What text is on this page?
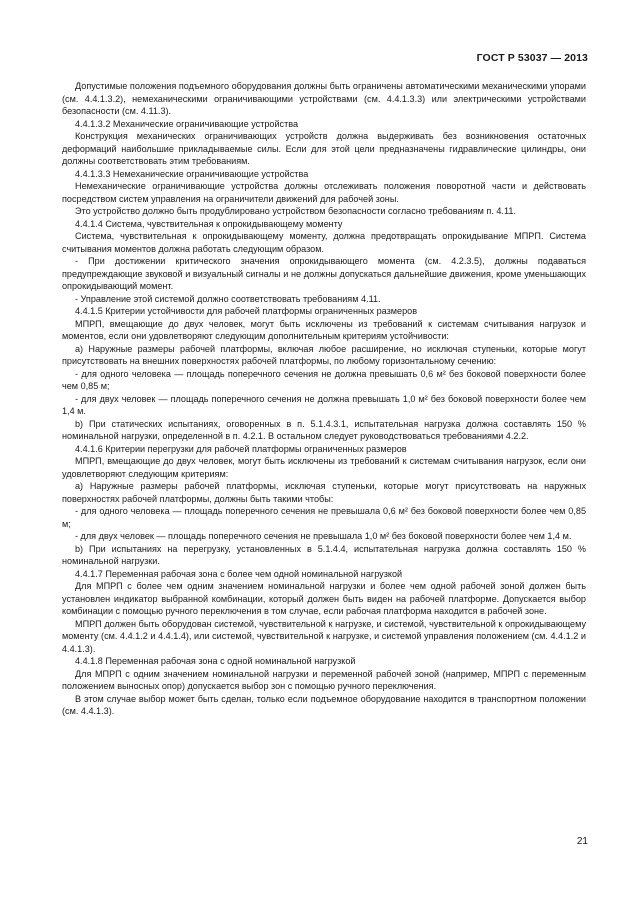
ГОСТ Р 53037 — 2013

Допустимые положения подъемного оборудования должны быть ограничены автоматическими механическими упорами (см. 4.4.1.3.2), немеханическими ограничивающими устройствами (см. 4.4.1.3.3) или электрическими устройствами безопасности (см. 4.11.3).

4.4.1.3.2 Механические ограничивающие устройства

Конструкция механических ограничивающих устройств должна выдерживать без возникновения остаточных деформаций наибольшие прикладываемые силы. Если для этой цели предназначены гидравлические цилиндры, они должны соответствовать этим требованиям.

4.4.1.3.3 Немеханические ограничивающие устройства

Немеханические ограничивающие устройства должны отслеживать положения поворотной части и действовать посредством систем управления на ограничители движений для рабочей зоны.

Это устройство должно быть продублировано устройством безопасности согласно требованиям п. 4.11.

4.4.1.4 Система, чувствительная к опрокидывающему моменту

Система, чувствительная к опрокидывающему моменту, должна предотвращать опрокидывание МПРП. Система считывания моментов должна работать следующим образом.

- При достижении критического значения опрокидывающего момента (см. 4.2.3.5), должны подаваться предупреждающие звуковой и визуальный сигналы и не должны допускаться дальнейшие движения, кроме уменьшающих опрокидывающий момент.

- Управление этой системой должно соответствовать требованиям 4.11.

4.4.1.5 Критерии устойчивости для рабочей платформы ограниченных размеров

МПРП, вмещающие до двух человек, могут быть исключены из требований к системам считывания нагрузок и моментов, если они удовлетворяют следующим дополнительным критериям устойчивости:

а) Наружные размеры рабочей платформы, включая любое расширение, но исключая ступеньки, которые могут присутствовать на внешних поверхностях рабочей платформы, по любому горизонтальному сечению:

- для одного человека — площадь поперечного сечения не должна превышать 0,6 м² без боковой поверхности более чем 0,85 м;

- для двух человек — площадь поперечного сечения не должна превышать 1,0 м² без боковой поверхности более чем 1,4 м.

b) При статических испытаниях, оговоренных в п. 5.1.4.3.1, испытательная нагрузка должна составлять 150 % номинальной нагрузки, определенной в п. 4.2.1. В остальном следует руководствоваться требованиями 4.2.2.

4.4.1.6 Критерии перегрузки для рабочей платформы ограниченных размеров

МПРП, вмещающие до двух человек, могут быть исключены из требований к системам считывания нагрузок, если они удовлетворяют следующим критериям:

а) Наружные размеры рабочей платформы, исключая ступеньки, которые могут присутствовать на наружных поверхностях рабочей платформы, должны быть такими чтобы:

- для одного человека — площадь поперечного сечения не превышала 0,6 м² без боковой поверхности более чем 0,85 м;

- для двух человек — площадь поперечного сечения не превышала 1,0 м² без боковой поверхности более чем 1,4 м.

b) При испытаниях на перегрузку, установленных в 5.1.4.4, испытательная нагрузка должна составлять 150 % номинальной нагрузки.

4.4.1.7 Переменная рабочая зона с более чем одной номинальной нагрузкой

Для МПРП с более чем одним значением номинальной нагрузки и более чем одной рабочей зоной должен быть установлен индикатор выбранной комбинации, который должен быть виден на рабочей платформе. Допускается выбор комбинации с помощью ручного переключения в том случае, если рабочая платформа находится в рабочей зоне.

МПРП должен быть оборудован системой, чувствительной к нагрузке, и системой, чувствительной к опрокидывающему моменту (см. 4.4.1.2 и 4.4.1.4), или системой, чувствительной к нагрузке, и системой управления положением (см. 4.4.1.2 и 4.4.1.3).

4.4.1.8 Переменная рабочая зона с одной номинальной нагрузкой

Для МПРП с одним значением номинальной нагрузки и переменной рабочей зоной (например, МПРП с переменным положением выносных опор) допускается выбор зон с помощью ручного переключения.

В этом случае выбор может быть сделан, только если подъемное оборудование находится в транспортном положении (см. 4.4.1.3).

21
